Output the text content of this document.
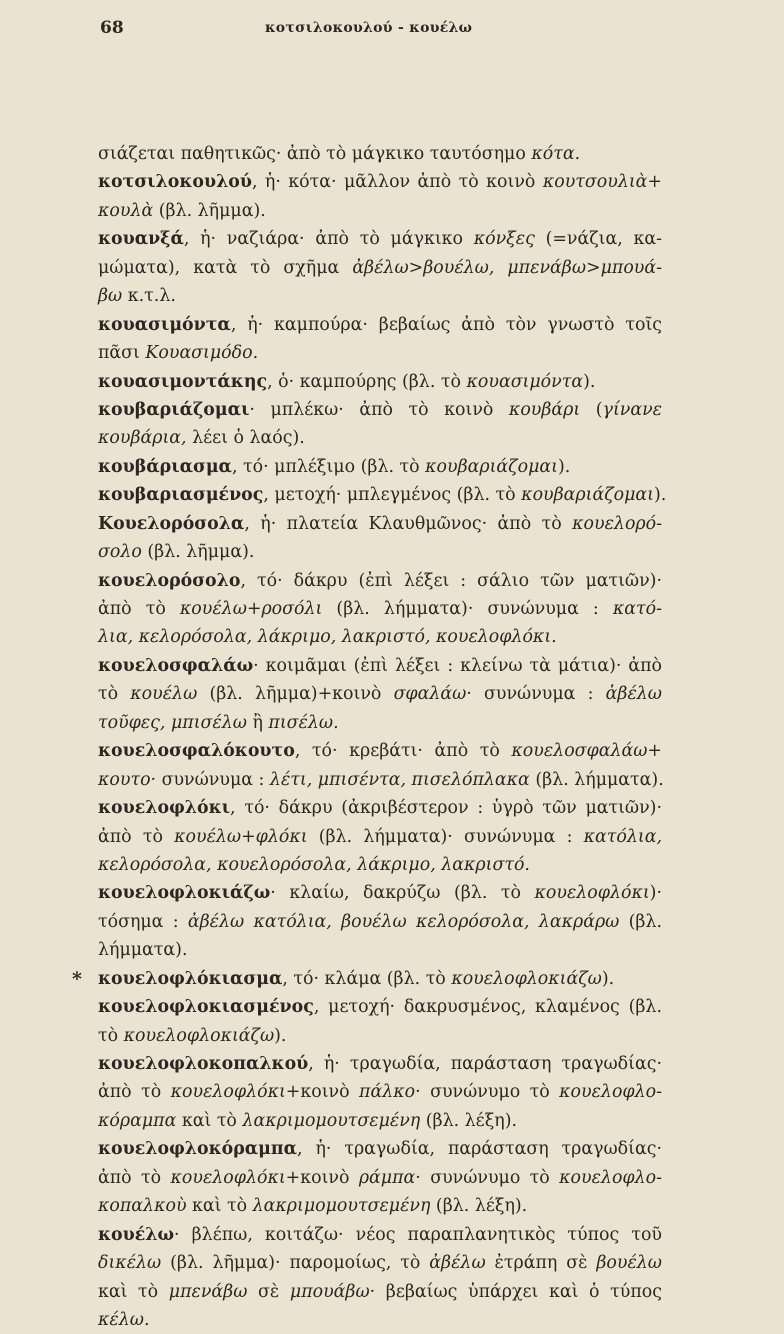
68	κοτσιλοκουλού - κουέλω
σιάζεται παθητικῶς· ἀπὸ τὸ μάγκικο ταυτόσημο κότα.
κοτσιλοκουλού, ἡ· κότα· μᾶλλον ἀπὸ τὸ κοινὸ κουτσουλιὰ+
κουλὰ (βλ. λῆμμα).
κουανξά, ἡ· ναζιάρα· ἀπὸ τὸ μάγκικο κόνξες (=νάζια, κα-
μώματα), κατὰ τὸ σχῆμα ἀβέλω>βουέλω, μπενάβω>μπουά-
βω κ.τ.λ.
κουασιμόντα, ἡ· καμπούρα· βεβαίως ἀπὸ τὸν γνωστὸ τοῖς
πᾶσι Κουασιμόδο.
κουασιμοντάκης, ὁ· καμπούρης (βλ. τὸ κουασιμόντα).
κουβαριάζομαι· μπλέκω· ἀπὸ τὸ κοινὸ κουβάρι (γίνανε
κουβάρια, λέει ὁ λαός).
κουβάριασμα, τό· μπλέξιμο (βλ. τὸ κουβαριάζομαι).
κουβαριασμένος, μετοχή· μπλεγμένος (βλ. τὸ κουβαριάζομαι).
Κουελορόσολα, ἡ· πλατεία Κλαυθμῶνος· ἀπὸ τὸ κουελορό-
σολο (βλ. λῆμμα).
κουελορόσολο, τό· δάκρυ (ἐπὶ λέξει : σάλιο τῶν ματιῶν)·
ἀπὸ τὸ κουέλω+ροσόλι (βλ. λήμματα)· συνώνυμα : κατό-
λια, κελορόσολα, λάκριμο, λακριστό, κουελοφλόκι.
κουελοσφαλάω· κοιμᾶμαι (ἐπὶ λέξει : κλείνω τὰ μάτια)· ἀπὸ
τὸ κουέλω (βλ. λῆμμα)+κοινὸ σφαλάω· συνώνυμα : ἀβέλω
τοῦφες, μπισέλω ἢ πισέλω.
κουελοσφαλόκουτο, τό· κρεβάτι· ἀπὸ τὸ κουελοσφαλάω+
κουτο· συνώνυμα : λέτι, μπισέντα, πισελόπλακα (βλ. λήμματα).
κουελοφλόκι, τό· δάκρυ (ἀκριβέστερον : ὑγρὸ τῶν ματιῶν)·
ἀπὸ τὸ κουέλω+φλόκι (βλ. λήμματα)· συνώνυμα : κατόλια,
κελορόσολα, κουελορόσολα, λάκριμο, λακριστό.
κουελοφλοκιάζω· κλαίω, δακρύζω (βλ. τὸ κουελοφλόκι)·
τόσημα : ἀβέλω κατόλια, βουέλω κελορόσολα, λακράρω (βλ.
λήμματα).
* κουελοφλόκιασμα, τό· κλάμα (βλ. τὸ κουελοφλοκιάζω).
κουελοφλοκιασμένος, μετοχή· δακρυσμένος, κλαμένος (βλ.
τὸ κουελοφλοκιάζω).
κουελοφλοκοπαλκού, ἡ· τραγωδία, παράσταση τραγωδίας·
ἀπὸ τὸ κουελοφλόκι+κοινὸ πάλκο· συνώνυμο τὸ κουελοφλο-
κόραμπα καὶ τὸ λακριμομουτσεμένη (βλ. λέξη).
κουελοφλοκόραμπα, ἡ· τραγωδία, παράσταση τραγωδίας·
ἀπὸ τὸ κουελοφλόκι+κοινὸ ράμπα· συνώνυμο τὸ κουελοφλο-
κοπαλκοὺ καὶ τὸ λακριμομουτσεμένη (βλ. λέξη).
κουέλω· βλέπω, κοιτάζω· νέος παραπλανητικὸς τύπος τοῦ
δικέλω (βλ. λῆμμα)· παρομοίως, τὸ ἀβέλω ἐτράπη σὲ βουέλω
καὶ τὸ μπενάβω σὲ μπουάβω· βεβαίως ὑπάρχει καὶ ὁ τύπος
κέλω.
